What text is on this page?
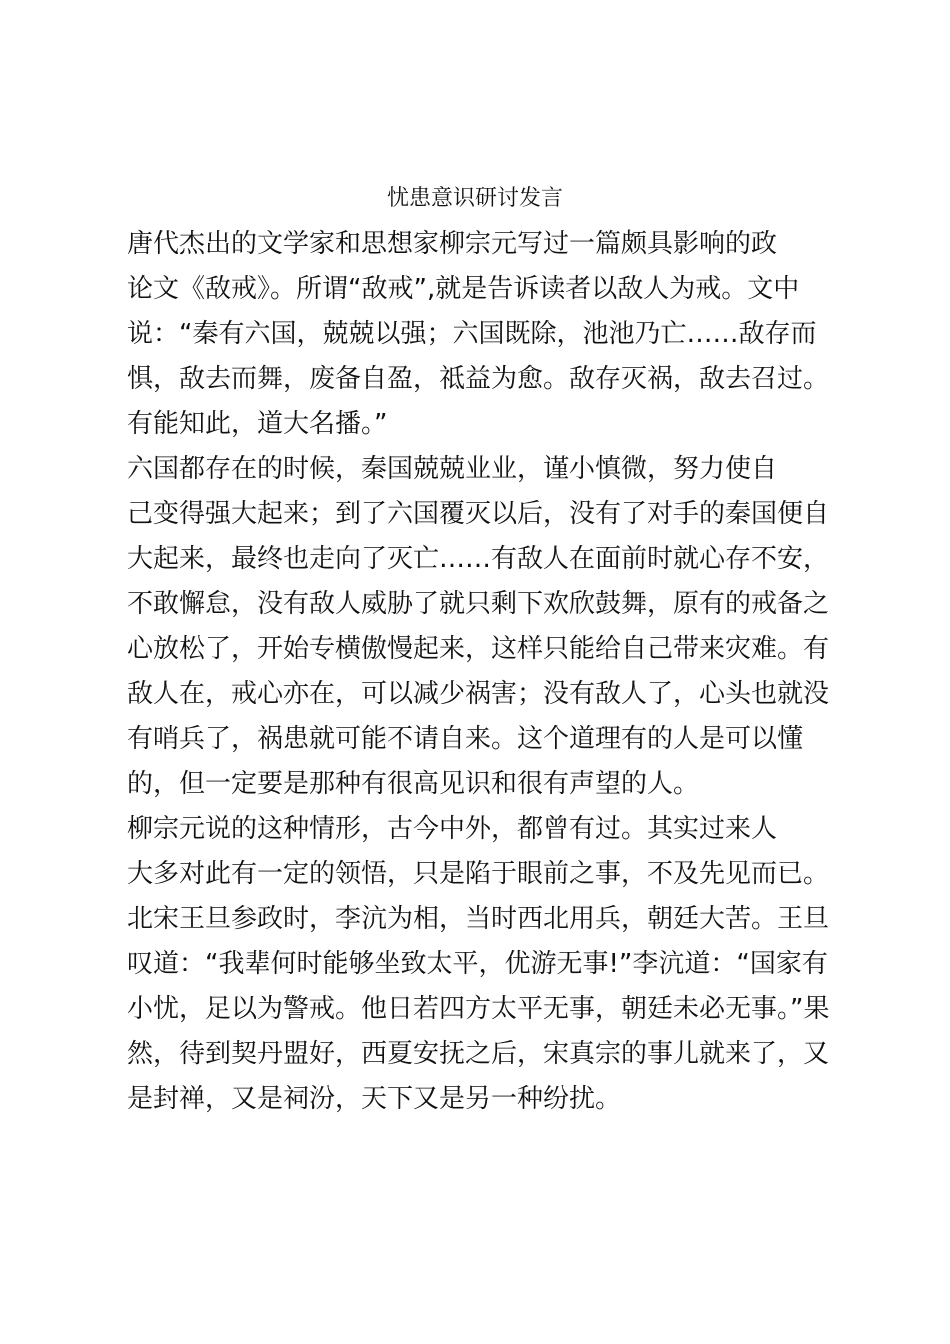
忧患意识研讨发言
唐代杰出的文学家和思想家柳宗元写过一篇颇具影响的政
论文《敌戒》。所谓“敌戒”,就是告诉读者以敌人为戒。文中
说：“秦有六国，兢兢以强；六国既除，池池乃亡……敌存而
惧，敌去而舞，废备自盈，祗益为愈。敌存灭祸，敌去召过。
有能知此，道大名播。”
六国都存在的时候，秦国兢兢业业，谨小慎微，努力使自
己变得强大起来；到了六国覆灭以后，没有了对手的秦国便自
大起来，最终也走向了灭亡……有敌人在面前时就心存不安，
不敢懈怠，没有敌人威胁了就只剩下欢欣鼓舞，原有的戒备之
心放松了，开始专横傲慢起来，这样只能给自己带来灾难。有
敌人在，戒心亦在，可以减少祸害；没有敌人了，心头也就没
有哨兵了，祸患就可能不请自来。这个道理有的人是可以懂
的，但一定要是那种有很高见识和很有声望的人。
柳宗元说的这种情形，古今中外，都曾有过。其实过来人
大多对此有一定的领悟，只是陷于眼前之事，不及先见而已。
北宋王旦参政时，李沆为相，当时西北用兵，朝廷大苦。王旦
叹道：“我辈何时能够坐致太平，优游无事!”李沆道：“国家有
小忧，足以为警戒。他日若四方太平无事，朝廷未必无事。”果
然，待到契丹盟好，西夏安抚之后，宋真宗的事儿就来了，又
是封禅，又是祠汾，天下又是另一种纷扰。
